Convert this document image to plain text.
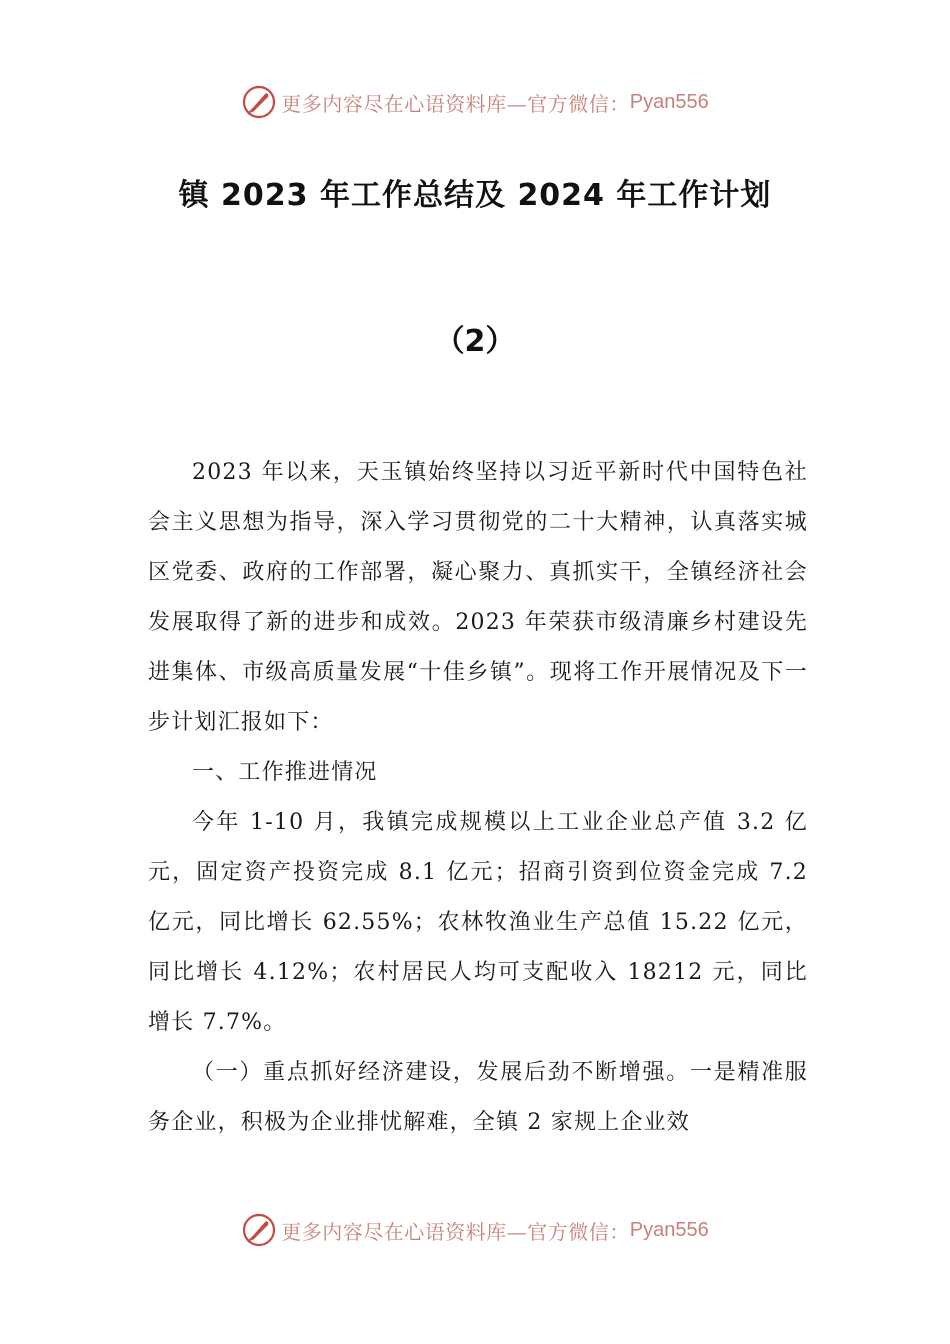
更多内容尽在心语资料库—官方微信： Pyan556
镇 2023 年工作总结及 2024 年工作计划
（2）

2023 年以来，天玉镇始终坚持以习近平新时代中国特色社会主义思想为指导，深入学习贯彻党的二十大精神，认真落实城区党委、政府的工作部署，凝心聚力、真抓实干，全镇经济社会发展取得了新的进步和成效。2023 年荣获市级清廉乡村建设先进集体、市级高质量发展“十佳乡镇”。现将工作开展情况及下一步计划汇报如下：

一、工作推进情况

今年 1-10 月，我镇完成规模以上工业企业总产值 3.2 亿元，固定资产投资完成 8.1 亿元；招商引资到位资金完成 7.2 亿元，同比增长 62.55%；农林牧渔业生产总值 15.22 亿元，同比增长 4.12%；农村居民人均可支配收入 18212 元，同比增长 7.7%。

（一）重点抓好经济建设，发展后劲不断增强。一是精准服务企业，积极为企业排忧解难，全镇 2 家规上企业效

更多内容尽在心语资料库—官方微信： Pyan556
